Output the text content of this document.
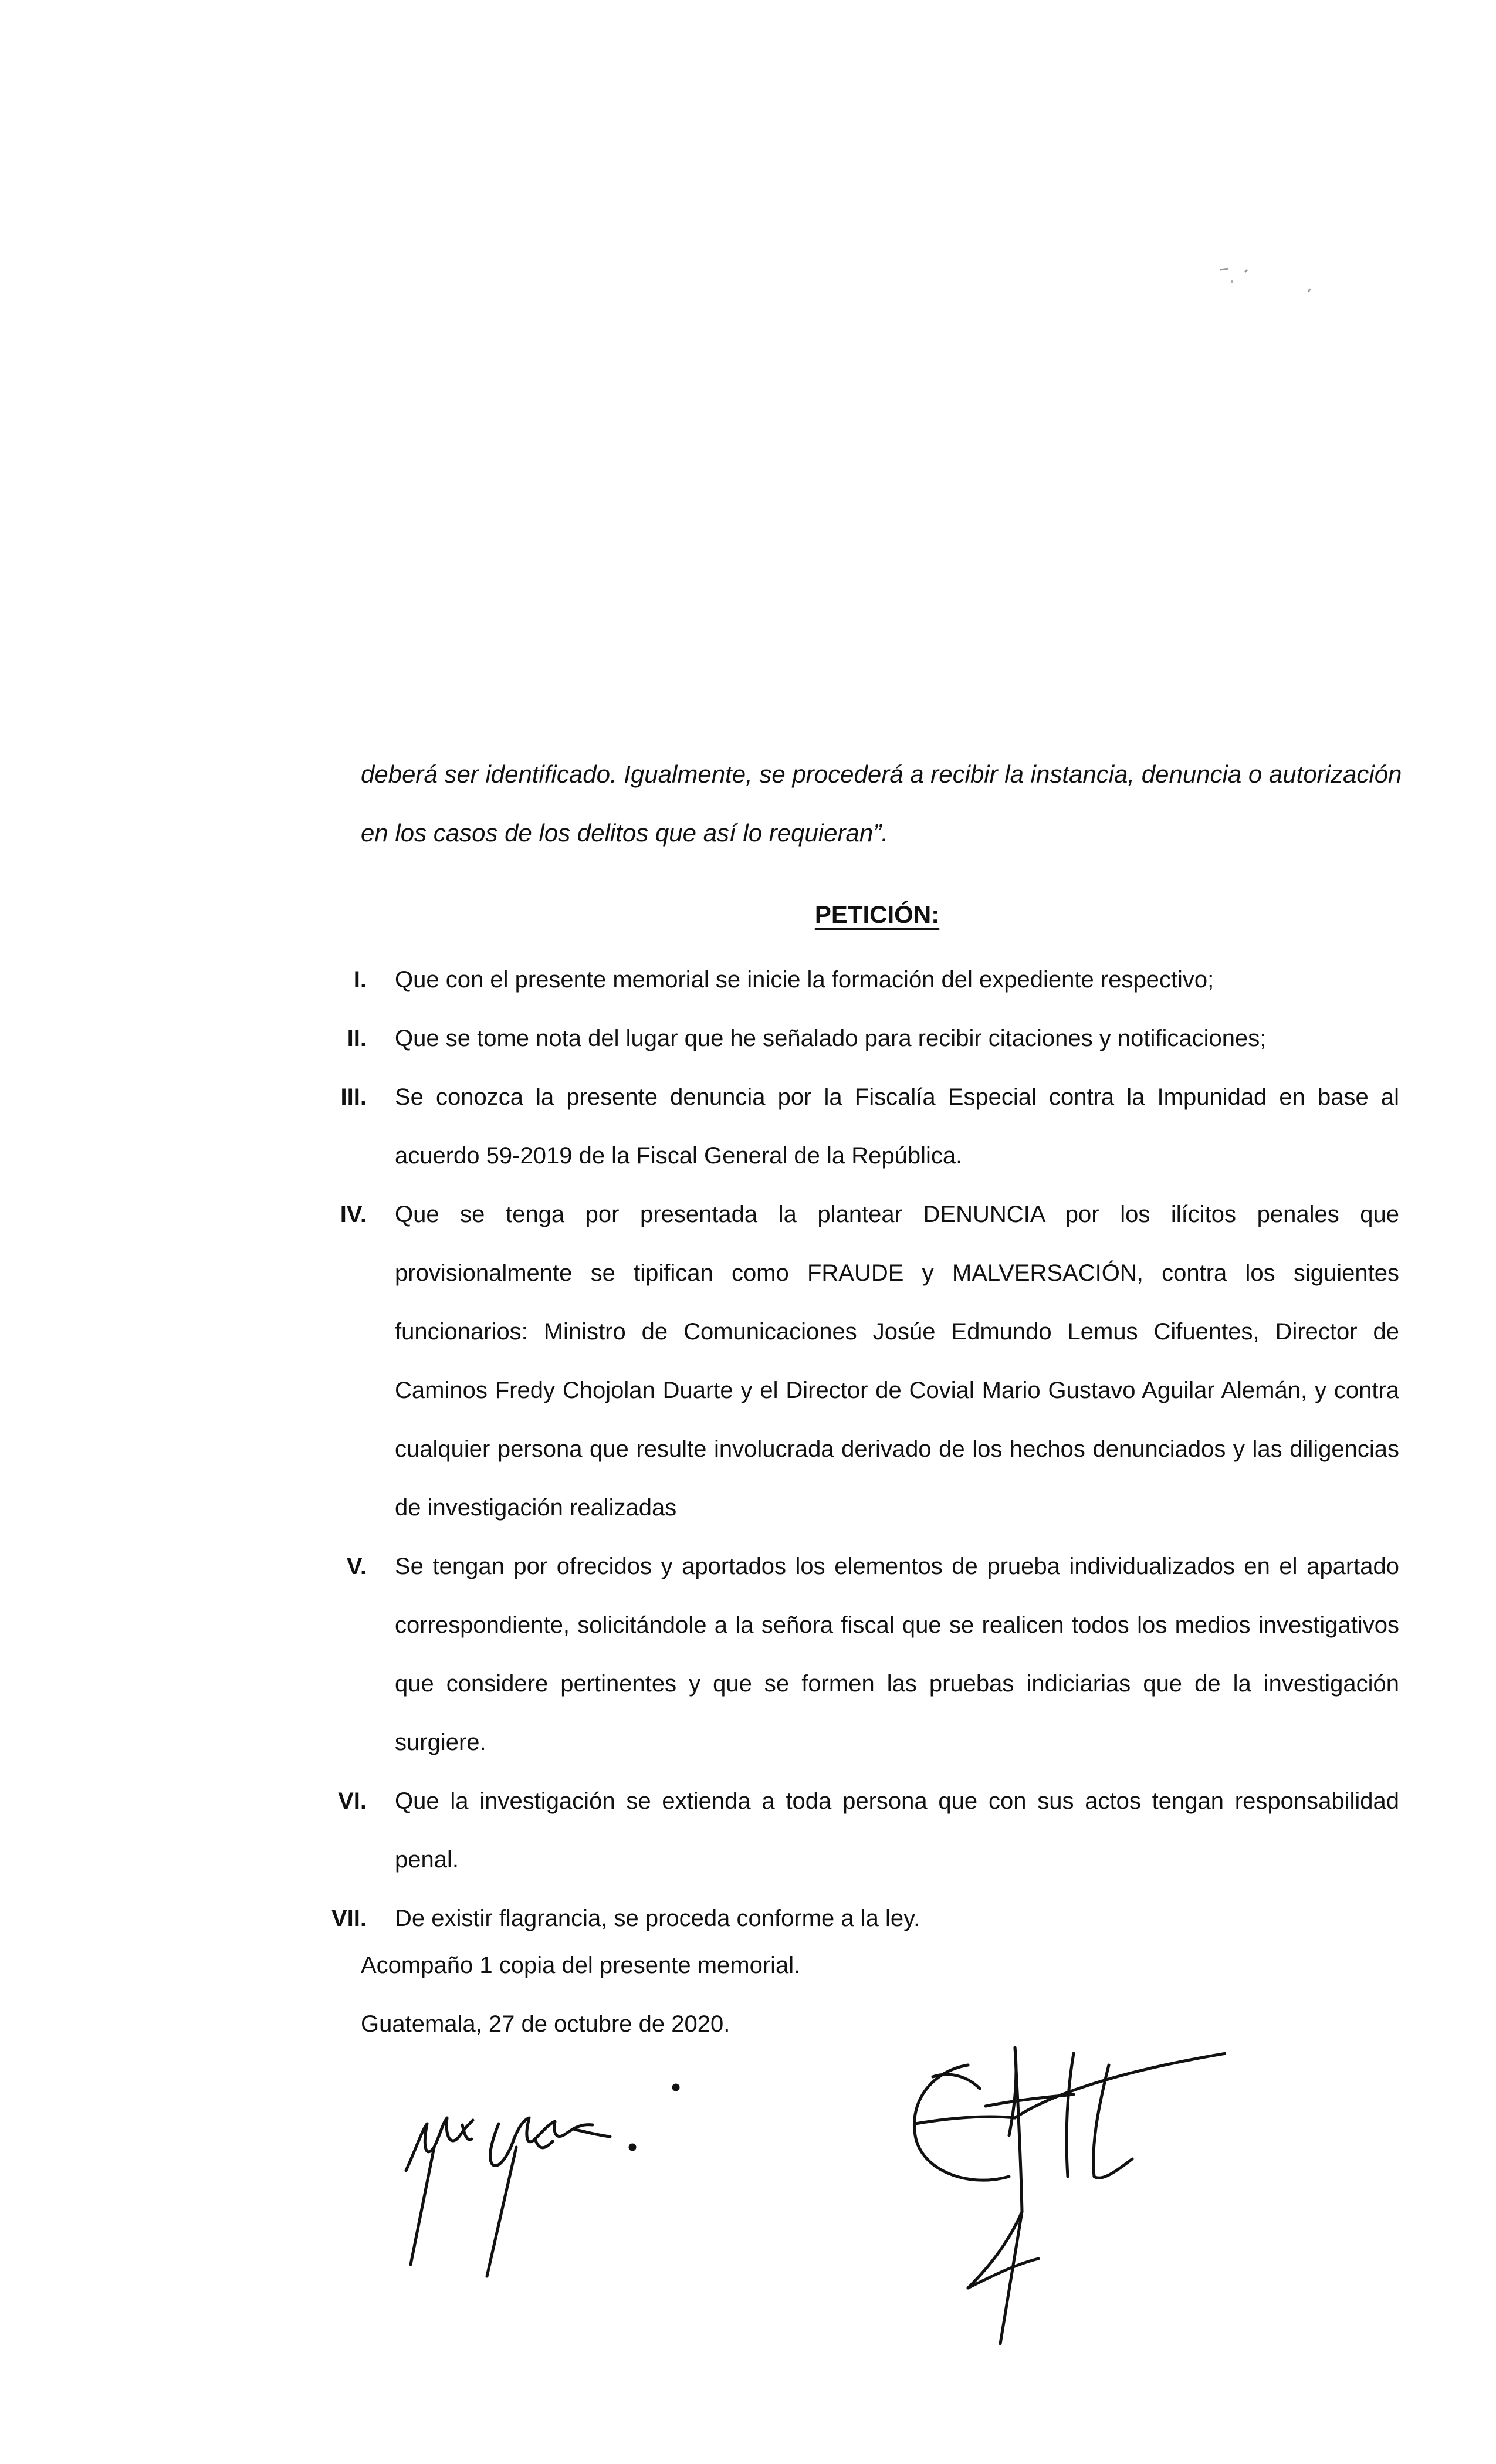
deberá ser identificado. Igualmente, se procederá a recibir la instancia, denuncia o autorización

en los casos de los delitos que así lo requieran”.

PETICIÓN:
I.	Que con el presente memorial se inicie la formación del expediente respectivo;
II.	Que se tome nota del lugar que he señalado para recibir citaciones y notificaciones;
III.	Se conozca la presente denuncia por la Fiscalía Especial contra la Impunidad en base al acuerdo 59-2019 de la Fiscal General de la República.
IV.	Que se tenga por presentada la plantear DENUNCIA por los ilícitos penales que provisionalmente se tipifican como FRAUDE y MALVERSACIÓN, contra los siguientes funcionarios: Ministro de Comunicaciones Josúe Edmundo Lemus Cifuentes, Director de Caminos Fredy Chojolan Duarte y el Director de Covial Mario Gustavo Aguilar Alemán, y contra cualquier persona que resulte involucrada derivado de los hechos denunciados y las diligencias de investigación realizadas
V.	Se tengan por ofrecidos y aportados los elementos de prueba individualizados en el apartado correspondiente, solicitándole a la señora fiscal que se realicen todos los medios investigativos que considere pertinentes y que se formen las pruebas indiciarias que de la investigación surgiere.
VI.	Que la investigación se extienda a toda persona que con sus actos tengan responsabilidad penal.
VII.	De existir flagrancia, se proceda conforme a la ley.

Acompaño 1 copia del presente memorial.

Guatemala, 27 de octubre de 2020.
